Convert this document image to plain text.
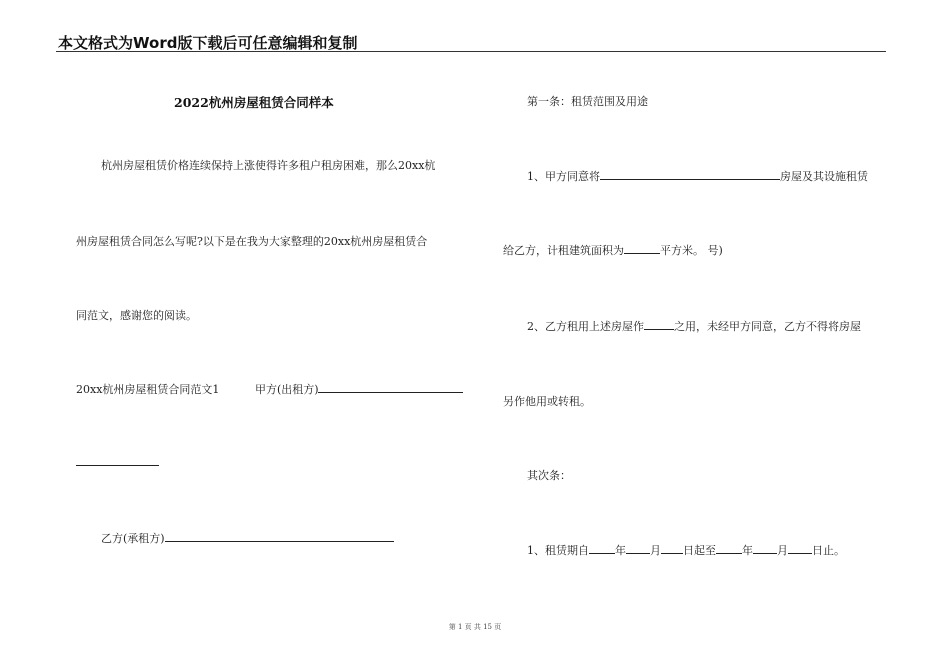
本文格式为Word版下载后可任意编辑和复制
2022杭州房屋租赁合同样本
杭州房屋租赁价格连续保持上涨使得许多租户租房困难，那么20xx杭
州房屋租赁合同怎么写呢?以下是在我为大家整理的20xx杭州房屋租赁合
同范文，感谢您的阅读。
20xx杭州房屋租赁合同范文1	甲方(出租方)
乙方(承租方)
第一条：租赁范围及用途
1、甲方同意将	房屋及其设施租赁
给乙方，计租建筑面积为	平方米。 号)
2、乙方租用上述房屋作	之用，未经甲方同意，乙方不得将房屋
另作他用或转租。
其次条：
1、租赁期自 年 月 日起至 年 月 日止。
第 1 页 共 15 页
